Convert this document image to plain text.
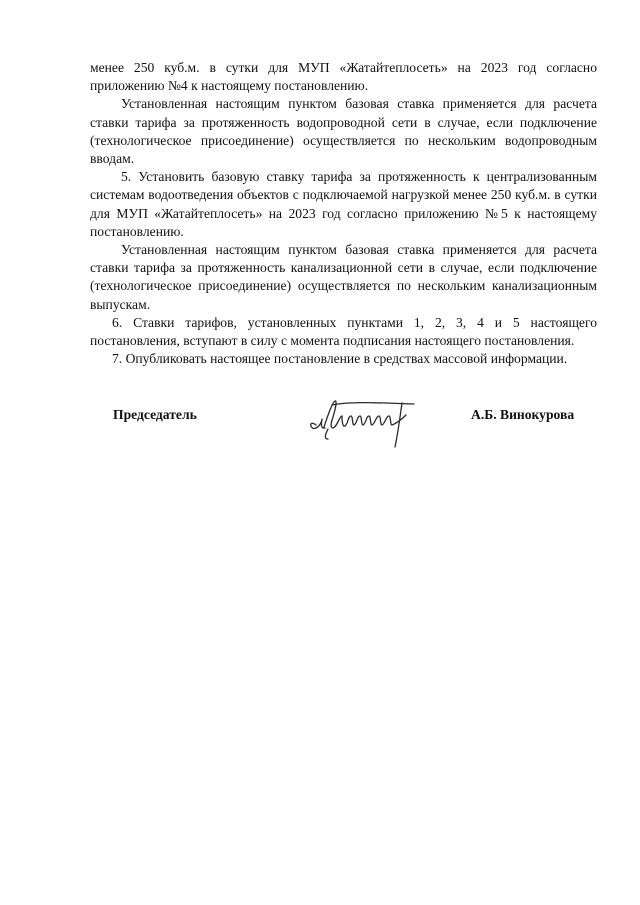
менее 250 куб.м. в сутки для МУП «Жатайтеплосеть» на 2023 год согласно приложению №4 к настоящему постановлению.

Установленная настоящим пунктом базовая ставка применяется для расчета ставки тарифа за протяженность водопроводной сети в случае, если подключение (технологическое присоединение) осуществляется по нескольким водопроводным вводам.

5. Установить базовую ставку тарифа за протяженность к централизованным системам водоотведения объектов с подключаемой нагрузкой менее 250 куб.м. в сутки для МУП «Жатайтеплосеть» на 2023 год согласно приложению №5 к настоящему постановлению.

Установленная настоящим пунктом базовая ставка применяется для расчета ставки тарифа за протяженность канализационной сети в случае, если подключение (технологическое присоединение) осуществляется по нескольким канализационным выпускам.

6. Ставки тарифов, установленных пунктами 1, 2, 3, 4 и 5 настоящего постановления, вступают в силу с момента подписания настоящего постановления.

7. Опубликовать настоящее постановление в средствах массовой информации.

Председатель	А.Б. Винокурова
